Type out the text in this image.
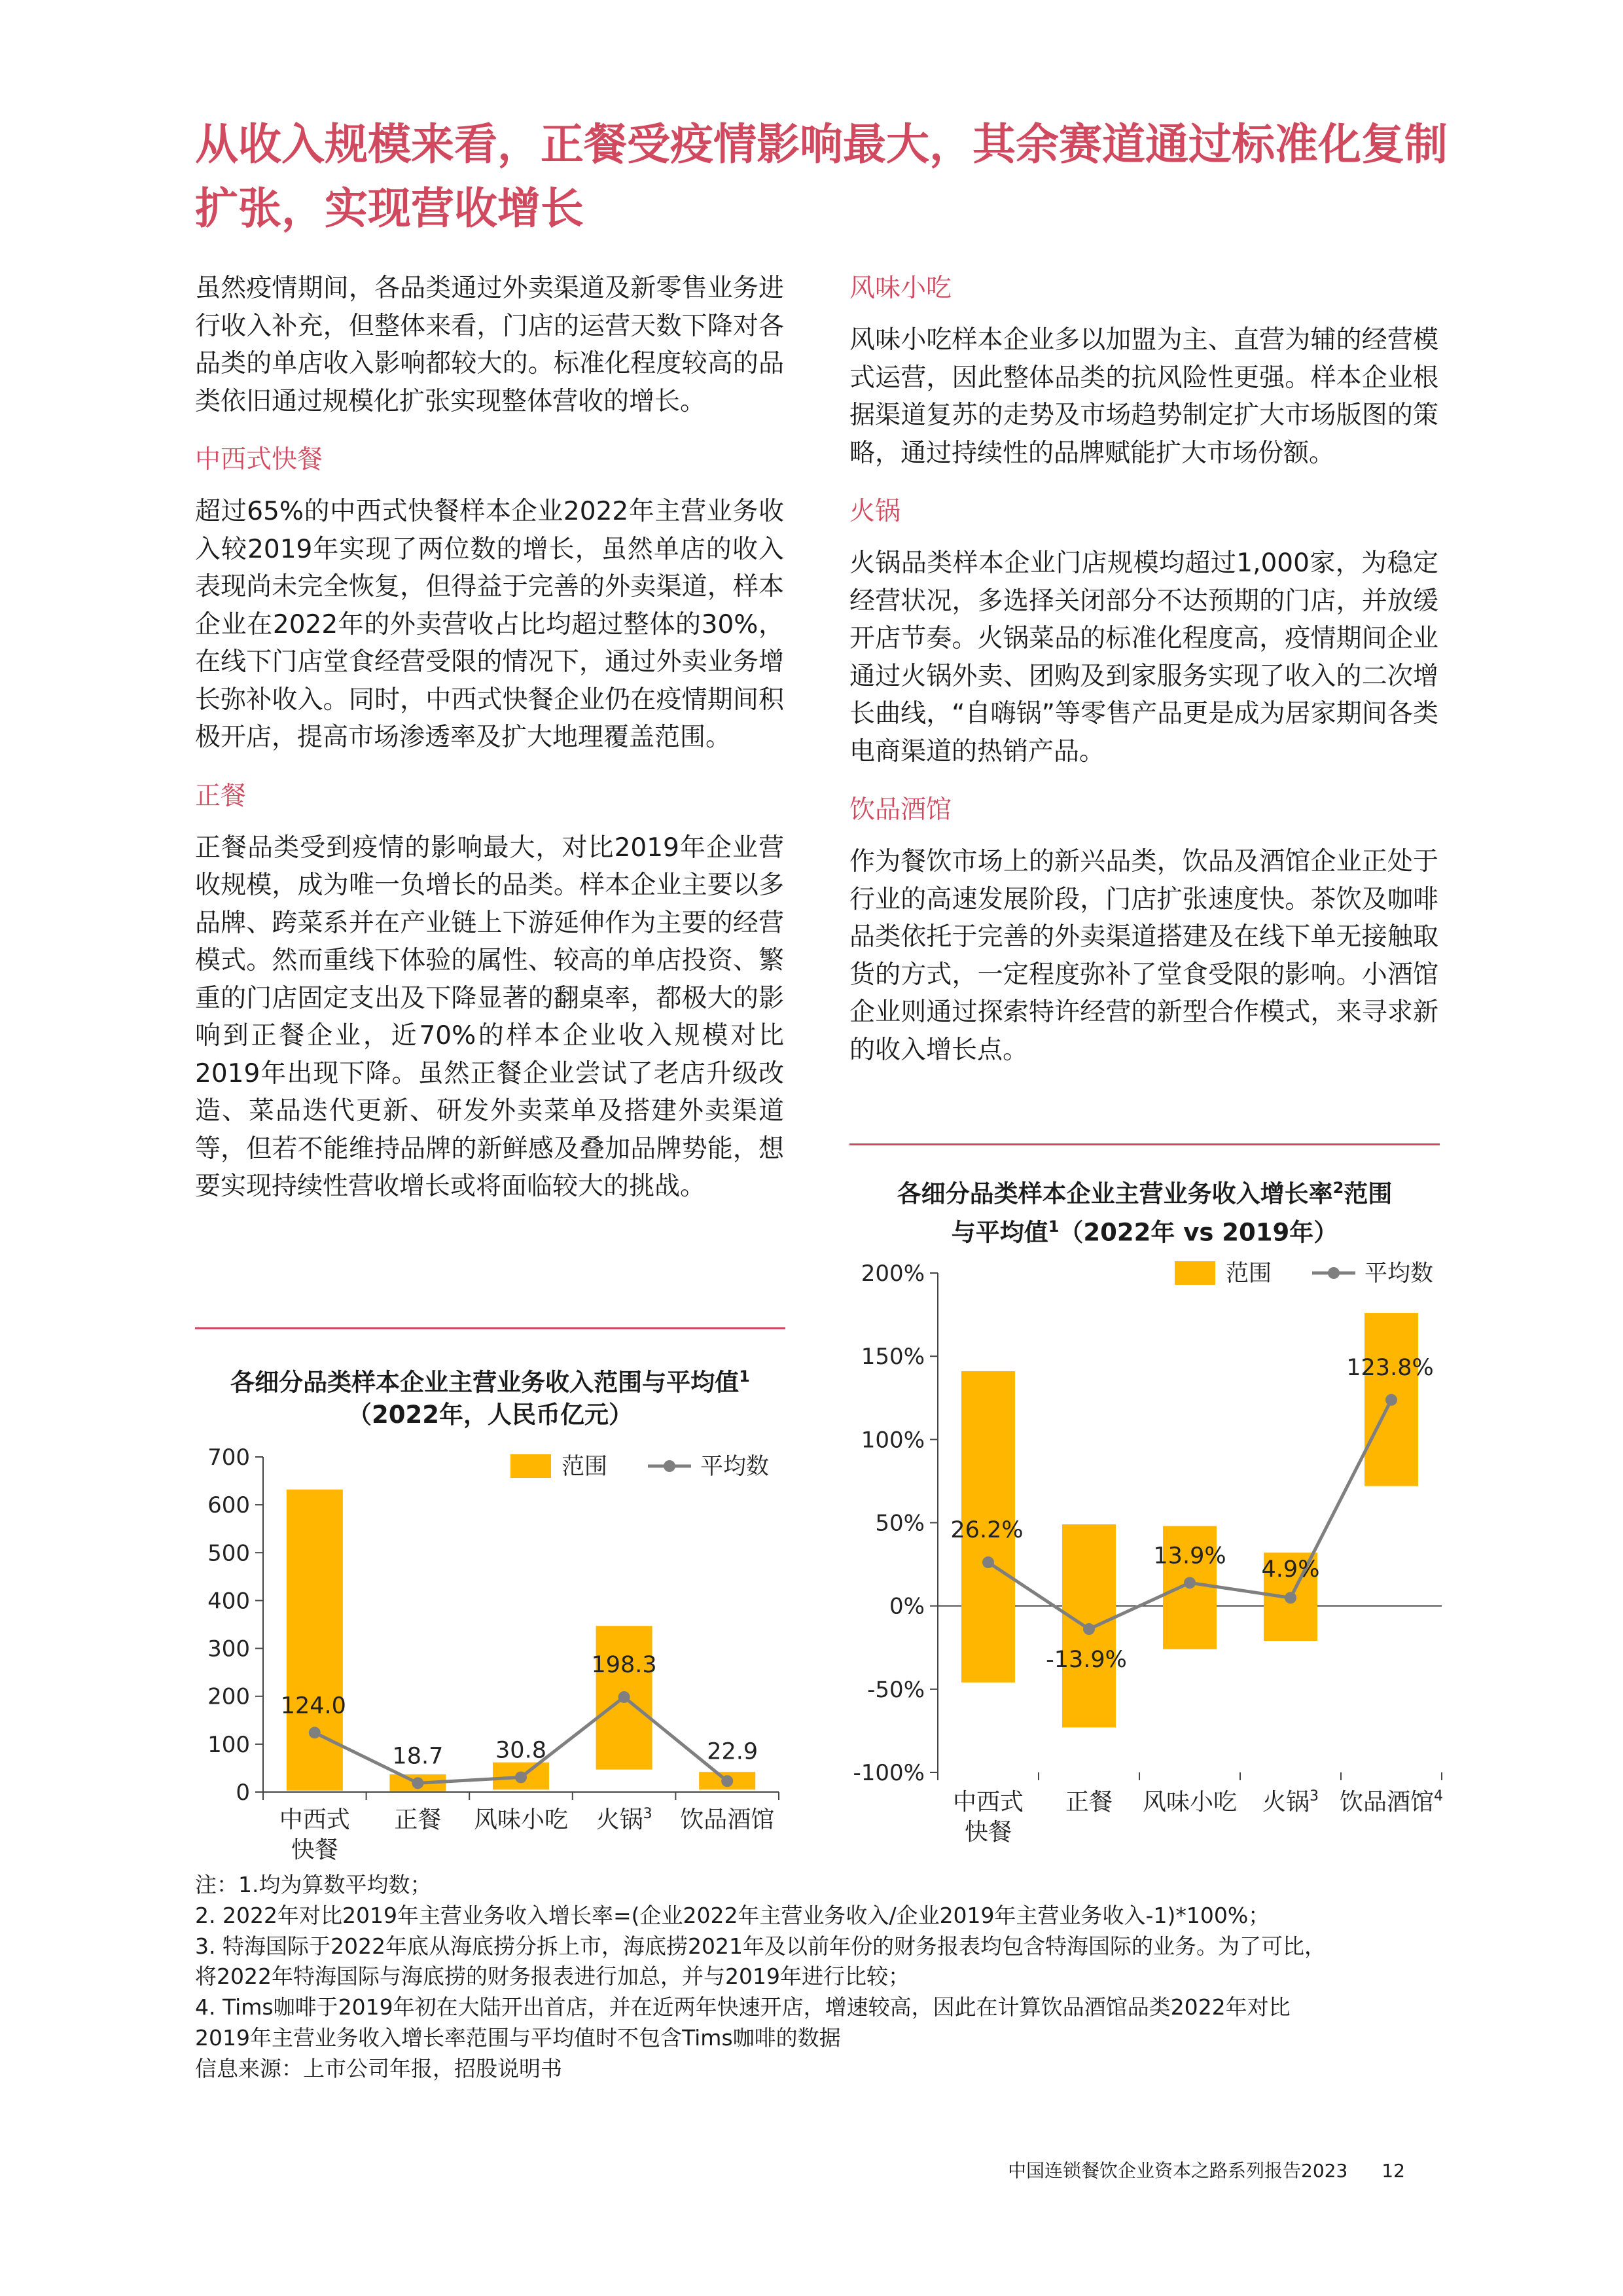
从收入规模来看，正餐受疫情影响最大，其余赛道通过标准化复制扩张，实现营收增长

虽然疫情期间，各品类通过外卖渠道及新零售业务进行收入补充，但整体来看，门店的运营天数下降对各品类的单店收入影响都较大的。标准化程度较高的品类依旧通过规模化扩张实现整体营收的增长。

中西式快餐

超过65%的中西式快餐样本企业2022年主营业务收入较2019年实现了两位数的增长，虽然单店的收入表现尚未完全恢复，但得益于完善的外卖渠道，样本企业在2022年的外卖营收占比均超过整体的30%，在线下门店堂食经营受限的情况下，通过外卖业务增长弥补收入。同时，中西式快餐企业仍在疫情期间积极开店，提高市场渗透率及扩大地理覆盖范围。

正餐

正餐品类受到疫情的影响最大，对比2019年企业营收规模，成为唯一负增长的品类。样本企业主要以多品牌、跨菜系并在产业链上下游延伸作为主要的经营模式。然而重线下体验的属性、较高的单店投资、繁重的门店固定支出及下降显著的翻桌率，都极大的影响到正餐企业，近70%的样本企业收入规模对比2019年出现下降。虽然正餐企业尝试了老店升级改造、菜品迭代更新、研发外卖菜单及搭建外卖渠道等，但若不能维持品牌的新鲜感及叠加品牌势能，想要实现持续性营收增长或将面临较大的挑战。

风味小吃

风味小吃样本企业多以加盟为主、直营为辅的经营模式运营，因此整体品类的抗风险性更强。样本企业根据渠道复苏的走势及市场趋势制定扩大市场版图的策略，通过持续性的品牌赋能扩大市场份额。

火锅

火锅品类样本企业门店规模均超过1,000家，为稳定经营状况，多选择关闭部分不达预期的门店，并放缓开店节奏。火锅菜品的标准化程度高，疫情期间企业通过火锅外卖、团购及到家服务实现了收入的二次增长曲线，“自嗨锅”等零售产品更是成为居家期间各类电商渠道的热销产品。

饮品酒馆

作为餐饮市场上的新兴品类，饮品及酒馆企业正处于行业的高速发展阶段，门店扩张速度快。茶饮及咖啡品类依托于完善的外卖渠道搭建及在线下单无接触取货的方式，一定程度弥补了堂食受限的影响。小酒馆企业则通过探索特许经营的新型合作模式，来寻求新的收入增长点。

各细分品类样本企业主营业务收入范围与平均值$^1$
（2022年，人民币亿元）
0
100
200
300
400
500
600
700
124.0
18.7 30.8
198.3
22.9
中西式
快餐
正餐 风味小吃 火锅$^3$ 饮品酒馆
范围	平均数
各细分品类样本企业主营业务收入增长率$^2$范围
与平均值$^1$（2022年 vs 2019年）
-100%
-50%
0%
50%
100%
150%
200%
26.2%
-13.9%
13.9%
4.9%
123.8%
中西式
快餐
正餐 风味小吃 火锅$^3$ 饮品酒馆$^4$
范围	平均数

注：1.均为算数平均数；

2. 2022年对比2019年主营业务收入增长率=(企业2022年主营业务收入/企业2019年主营业务收入-1)*100%；

3. 特海国际于2022年底从海底捞分拆上市，海底捞2021年及以前年份的财务报表均包含特海国际的业务。为了可比，

将2022年特海国际与海底捞的财务报表进行加总，并与2019年进行比较；

4. Tims咖啡于2019年初在大陆开出首店，并在近两年快速开店，增速较高，因此在计算饮品酒馆品类2022年对比

2019年主营业务收入增长率范围与平均值时不包含Tims咖啡的数据

信息来源：上市公司年报，招股说明书

中国连锁餐饮企业资本之路系列报告2023 12
